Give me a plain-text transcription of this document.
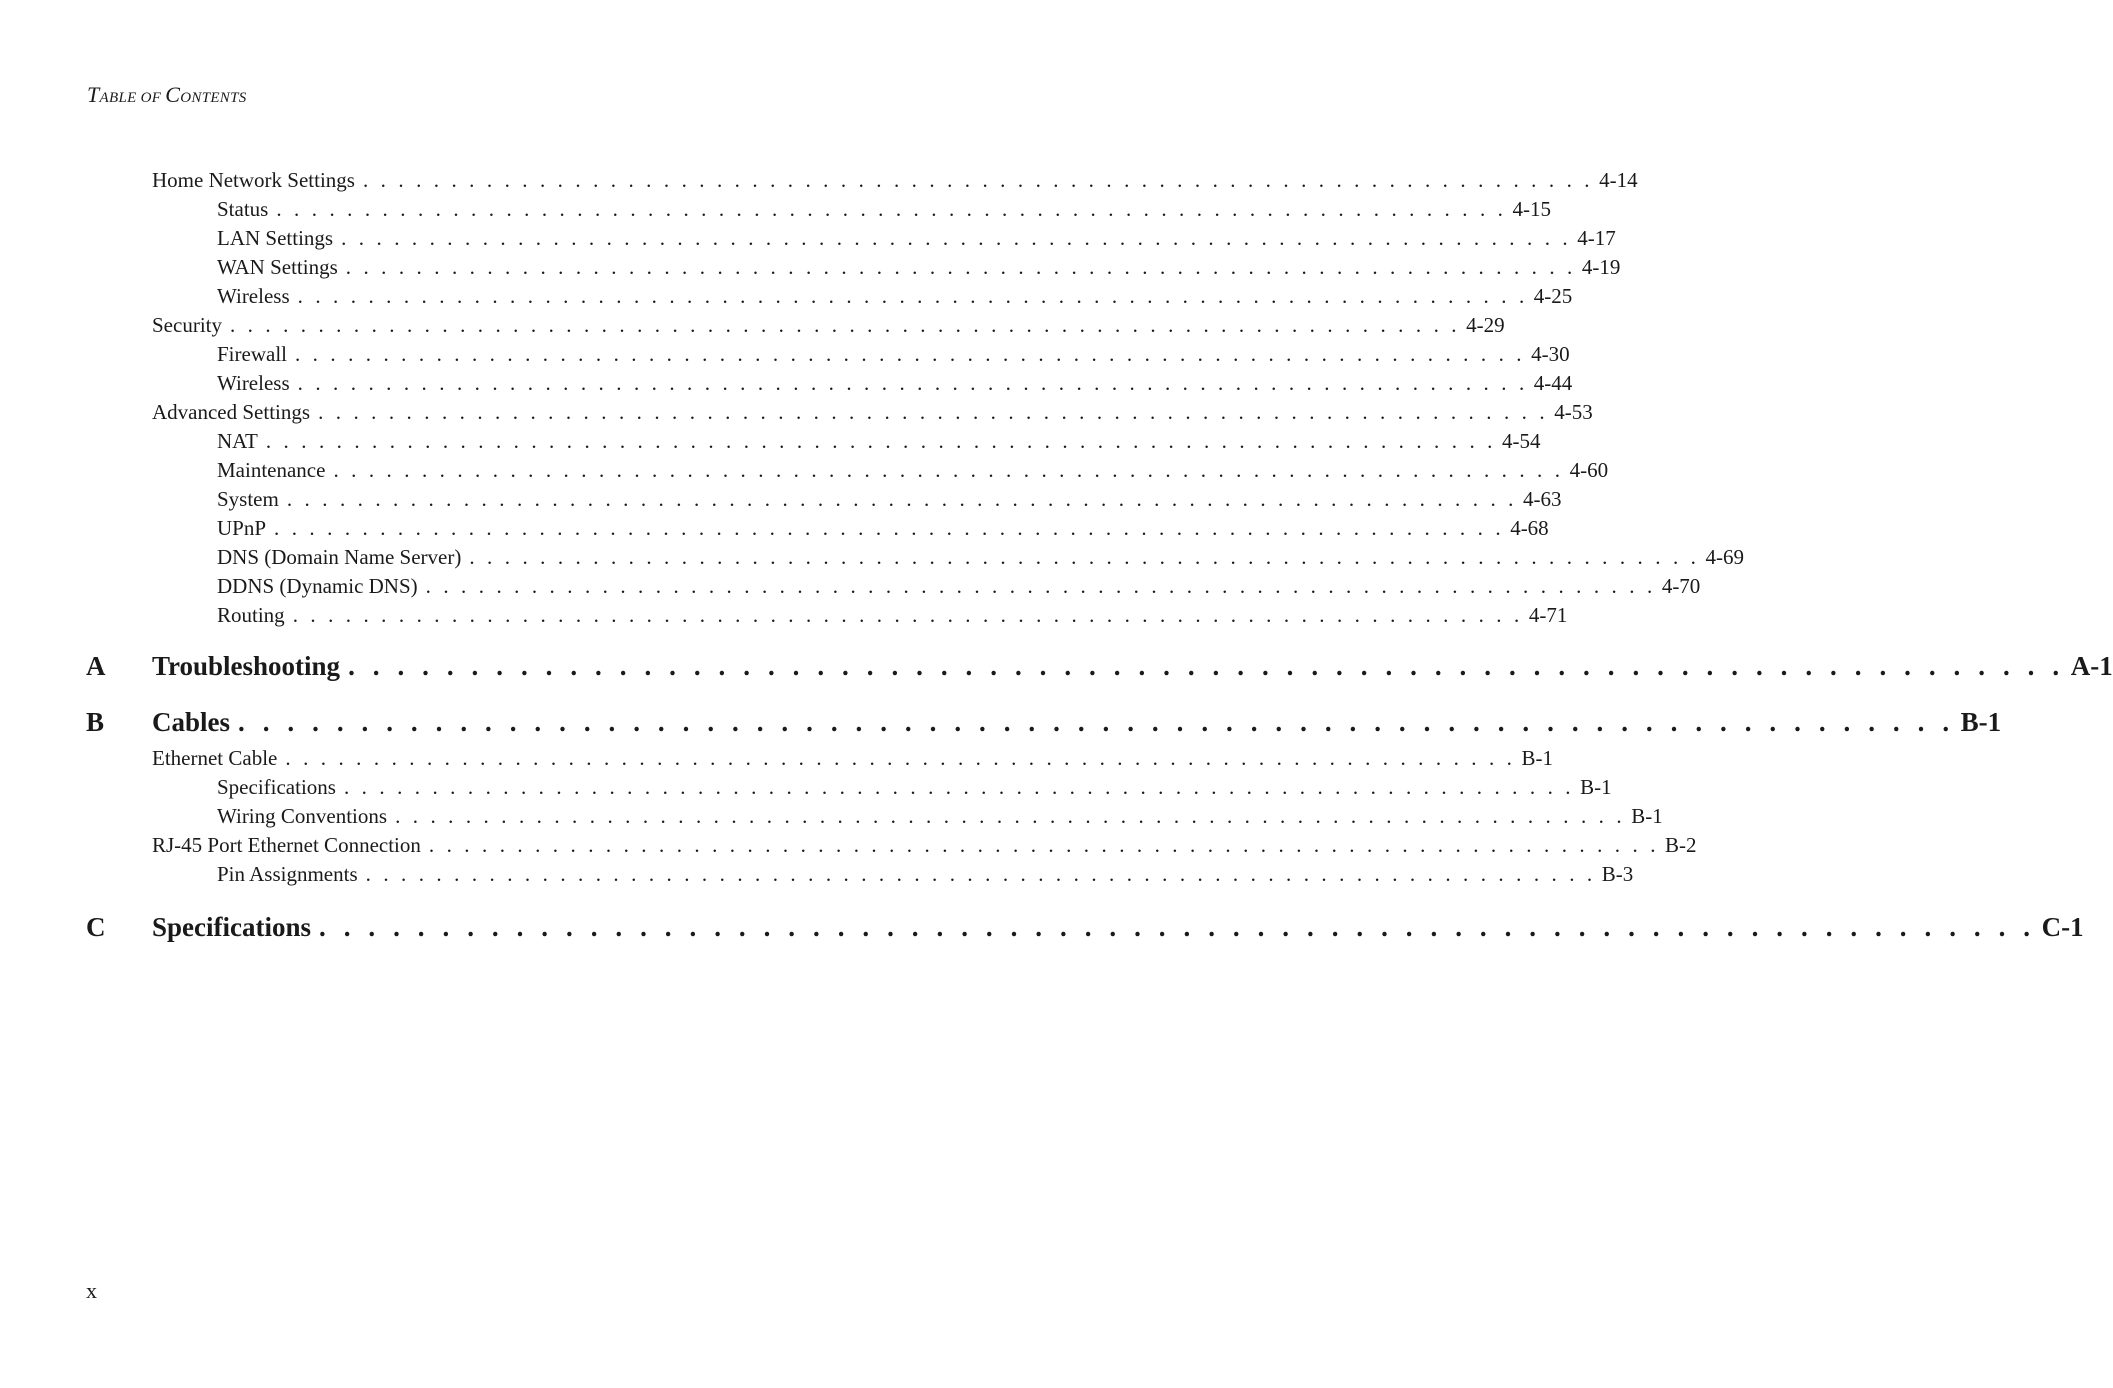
TABLE OF CONTENTS
Home Network Settings . . . . . . . . . . . . . . . . . . . . . . . . . . . . . . . . . . . . . . . . . . . . . . . . . . . . . . . . . . . . . . . . . . . . . . 4-14
Status . . . . . . . . . . . . . . . . . . . . . . . . . . . . . . . . . . . . . . . . . . . . . . . . . . . . . . . . . . . . . . . . . . . . . . 4-15
LAN Settings . . . . . . . . . . . . . . . . . . . . . . . . . . . . . . . . . . . . . . . . . . . . . . . . . . . . . . . . . . . . . . . . . . . . . . 4-17
WAN Settings . . . . . . . . . . . . . . . . . . . . . . . . . . . . . . . . . . . . . . . . . . . . . . . . . . . . . . . . . . . . . . . . . . . . . . 4-19
Wireless . . . . . . . . . . . . . . . . . . . . . . . . . . . . . . . . . . . . . . . . . . . . . . . . . . . . . . . . . . . . . . . . . . . . . . 4-25
Security . . . . . . . . . . . . . . . . . . . . . . . . . . . . . . . . . . . . . . . . . . . . . . . . . . . . . . . . . . . . . . . . . . . . . . 4-29
Firewall . . . . . . . . . . . . . . . . . . . . . . . . . . . . . . . . . . . . . . . . . . . . . . . . . . . . . . . . . . . . . . . . . . . . . . 4-30
Wireless . . . . . . . . . . . . . . . . . . . . . . . . . . . . . . . . . . . . . . . . . . . . . . . . . . . . . . . . . . . . . . . . . . . . . . 4-44
Advanced Settings . . . . . . . . . . . . . . . . . . . . . . . . . . . . . . . . . . . . . . . . . . . . . . . . . . . . . . . . . . . . . . . . . . . . . . 4-53
NAT . . . . . . . . . . . . . . . . . . . . . . . . . . . . . . . . . . . . . . . . . . . . . . . . . . . . . . . . . . . . . . . . . . . . . . 4-54
Maintenance . . . . . . . . . . . . . . . . . . . . . . . . . . . . . . . . . . . . . . . . . . . . . . . . . . . . . . . . . . . . . . . . . . . . . . 4-60
System . . . . . . . . . . . . . . . . . . . . . . . . . . . . . . . . . . . . . . . . . . . . . . . . . . . . . . . . . . . . . . . . . . . . . . 4-63
UPnP . . . . . . . . . . . . . . . . . . . . . . . . . . . . . . . . . . . . . . . . . . . . . . . . . . . . . . . . . . . . . . . . . . . . . . 4-68
DNS (Domain Name Server) . . . . . . . . . . . . . . . . . . . . . . . . . . . . . . . . . . . . . . . . . . . . . . . . . . . . . . . . . . . . . . . . . . . . . . 4-69
DDNS (Dynamic DNS) . . . . . . . . . . . . . . . . . . . . . . . . . . . . . . . . . . . . . . . . . . . . . . . . . . . . . . . . . . . . . . . . . . . . . . 4-70
Routing . . . . . . . . . . . . . . . . . . . . . . . . . . . . . . . . . . . . . . . . . . . . . . . . . . . . . . . . . . . . . . . . . . . . . . 4-71
A Troubleshooting . . . . . . . . . . . . . . . . . . . . . . . . . . . . . . . . . . . . . . . . . . . . . . . . . . . . . . . . . . . . . . . . . . . . . . A-1
B Cables . . . . . . . . . . . . . . . . . . . . . . . . . . . . . . . . . . . . . . . . . . . . . . . . . . . . . . . . . . . . . . . . . . . . . . B-1
Ethernet Cable . . . . . . . . . . . . . . . . . . . . . . . . . . . . . . . . . . . . . . . . . . . . . . . . . . . . . . . . . . . . . . . . . . . . . . B-1
Specifications . . . . . . . . . . . . . . . . . . . . . . . . . . . . . . . . . . . . . . . . . . . . . . . . . . . . . . . . . . . . . . . . . . . . . . B-1
Wiring Conventions . . . . . . . . . . . . . . . . . . . . . . . . . . . . . . . . . . . . . . . . . . . . . . . . . . . . . . . . . . . . . . . . . . . . . . B-1
RJ-45 Port Ethernet Connection . . . . . . . . . . . . . . . . . . . . . . . . . . . . . . . . . . . . . . . . . . . . . . . . . . . . . . . . . . . . . . . . . . . . . . B-2
Pin Assignments . . . . . . . . . . . . . . . . . . . . . . . . . . . . . . . . . . . . . . . . . . . . . . . . . . . . . . . . . . . . . . . . . . . . . . B-3
C Specifications . . . . . . . . . . . . . . . . . . . . . . . . . . . . . . . . . . . . . . . . . . . . . . . . . . . . . . . . . . . . . . . . . . . . . . C-1
x
